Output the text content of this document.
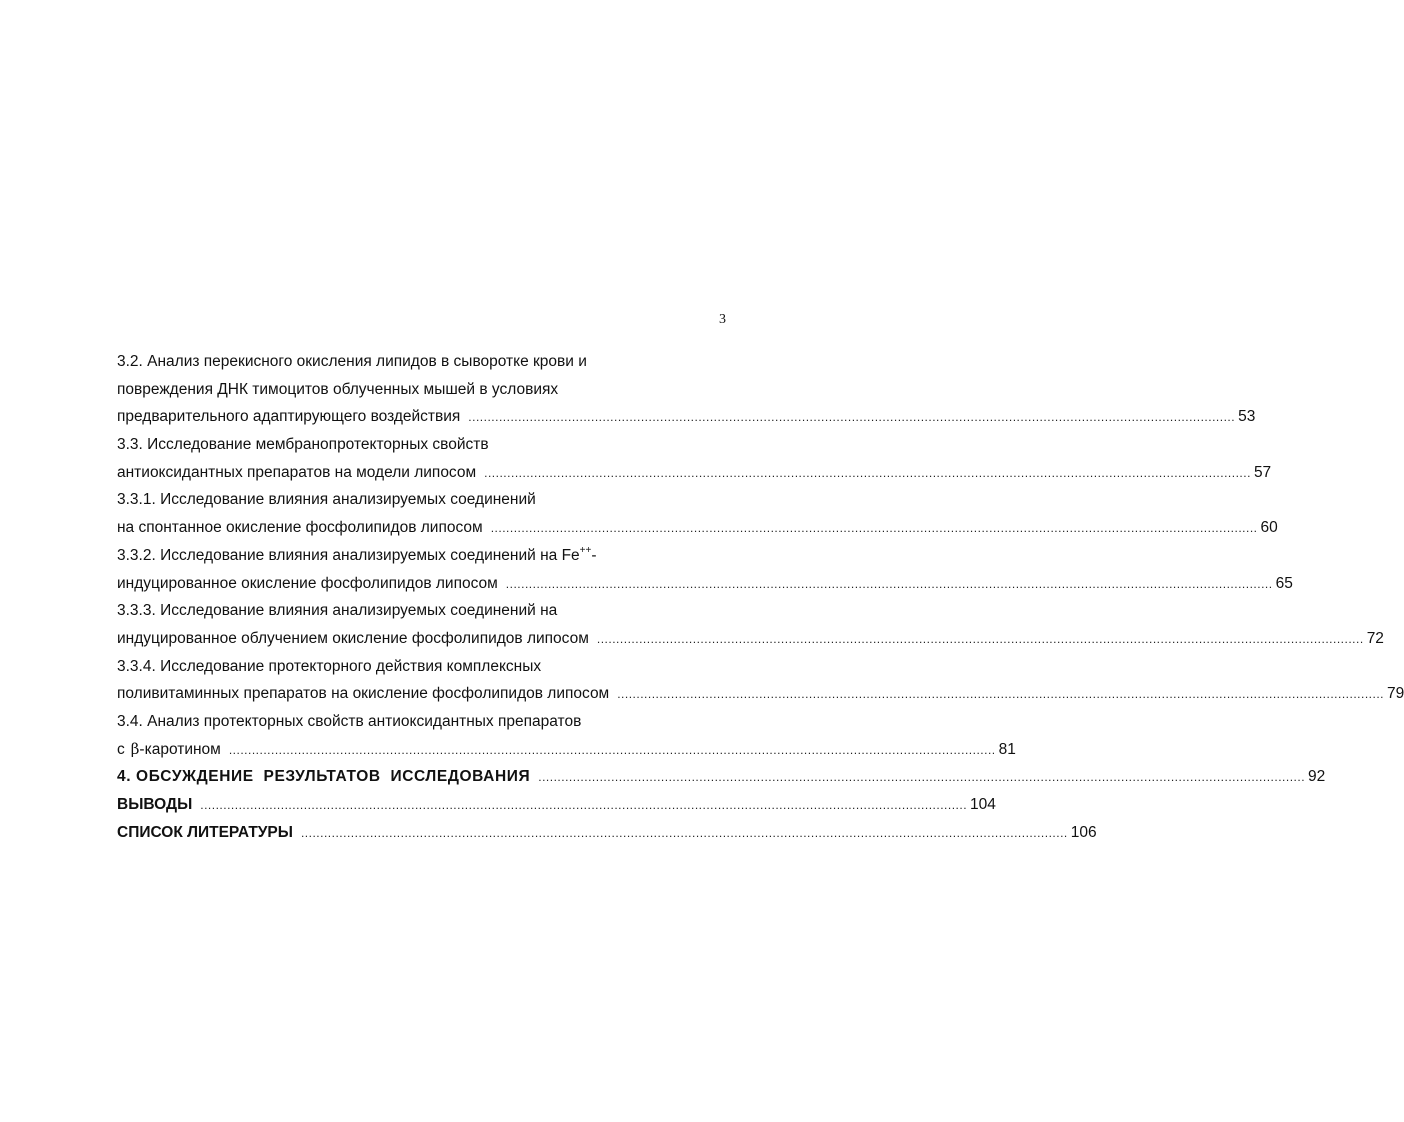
3
3.2. Анализ перекисного окисления липидов в сыворотке крови и
повреждения ДНК тимоцитов облученных мышей в условиях
предварительного адаптирующего воздействия ........................................................................................................................................................................................................ 53
3.3. Исследование мембранопротекторных свойств
антиоксидантных препаратов на модели липосом ........................................................................................................................................................................................................ 57
3.3.1. Исследование влияния анализируемых соединений
на спонтанное окисление фосфолипидов липосом ........................................................................................................................................................................................................ 60
3.3.2. Исследование влияния анализируемых соединений на Fe++-
индуцированное окисление фосфолипидов липосом ........................................................................................................................................................................................................ 65
3.3.3. Исследование влияния анализируемых соединений на
индуцированное облучением окисление фосфолипидов липосом ........................................................................................................................................................................................................ 72
3.3.4. Исследование протекторного действия комплексных
поливитаминных препаратов на окисление фосфолипидов липосом ........................................................................................................................................................................................................ 79
3.4. Анализ протекторных свойств антиоксидантных препаратов
с β-каротином ........................................................................................................................................................................................................ 81
4. ОБСУЖДЕНИЕ  РЕЗУЛЬТАТОВ  ИССЛЕДОВАНИЯ ........................................................................................................................................................................................................ 92
ВЫВОДЫ ........................................................................................................................................................................................................ 104
СПИСОК ЛИТЕРАТУРЫ ........................................................................................................................................................................................................ 106
